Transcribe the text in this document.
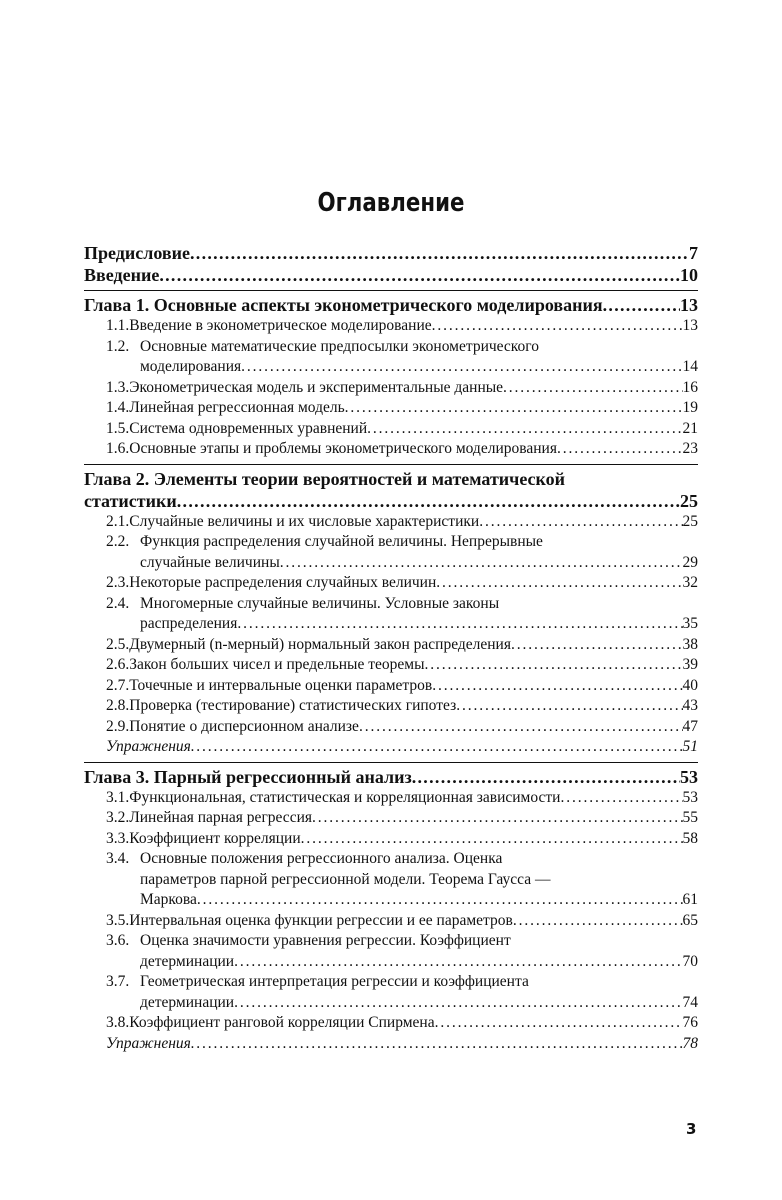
Оглавление
Предисловие . . .	7
Введение . . .	10
Глава 1. Основные аспекты эконометрического моделирования . . .	13
1.1. Введение в эконометрическое моделирование . . .	13
1.2. Основные математические предпосылки эконометрического
моделирования . . .	14
1.3. Эконометрическая модель и экспериментальные данные . . .	16
1.4. Линейная регрессионная модель . . .	19
1.5. Система одновременных уравнений . . .	21
1.6. Основные этапы и проблемы эконометрического моделирования . . .	23
Глава 2. Элементы теории вероятностей и математической
статистики . . .	25
2.1. Случайные величины и их числовые характеристики . . .	25
2.2. Функция распределения случайной величины. Непрерывные
случайные величины . . .	29
2.3. Некоторые распределения случайных величин . . .	32
2.4. Многомерные случайные величины. Условные законы
распределения . . .	35
2.5. Двумерный (n-мерный) нормальный закон распределения . . .	38
2.6. Закон больших чисел и предельные теоремы . . .	39
2.7. Точечные и интервальные оценки параметров . . .	40
2.8. Проверка (тестирование) статистических гипотез . . .	43
2.9. Понятие о дисперсионном анализе . . .	47
Упражнения . . .	51
Глава 3. Парный регрессионный анализ . . .	53
3.1. Функциональная, статистическая и корреляционная зависимости . . .	53
3.2. Линейная парная регрессия . . .	55
3.3. Коэффициент корреляции . . .	58
3.4. Основные положения регрессионного анализа. Оценка
параметров парной регрессионной модели. Теорема Гаусса —
Маркова . . .	61
3.5. Интервальная оценка функции регрессии и ее параметров . . .	65
3.6. Оценка значимости уравнения регрессии. Коэффициент
детерминации . . .	70
3.7. Геометрическая интерпретация регрессии и коэффициента
детерминации . . .	74
3.8. Коэффициент ранговой корреляции Спирмена . . .	76
Упражнения . . .	78
3
